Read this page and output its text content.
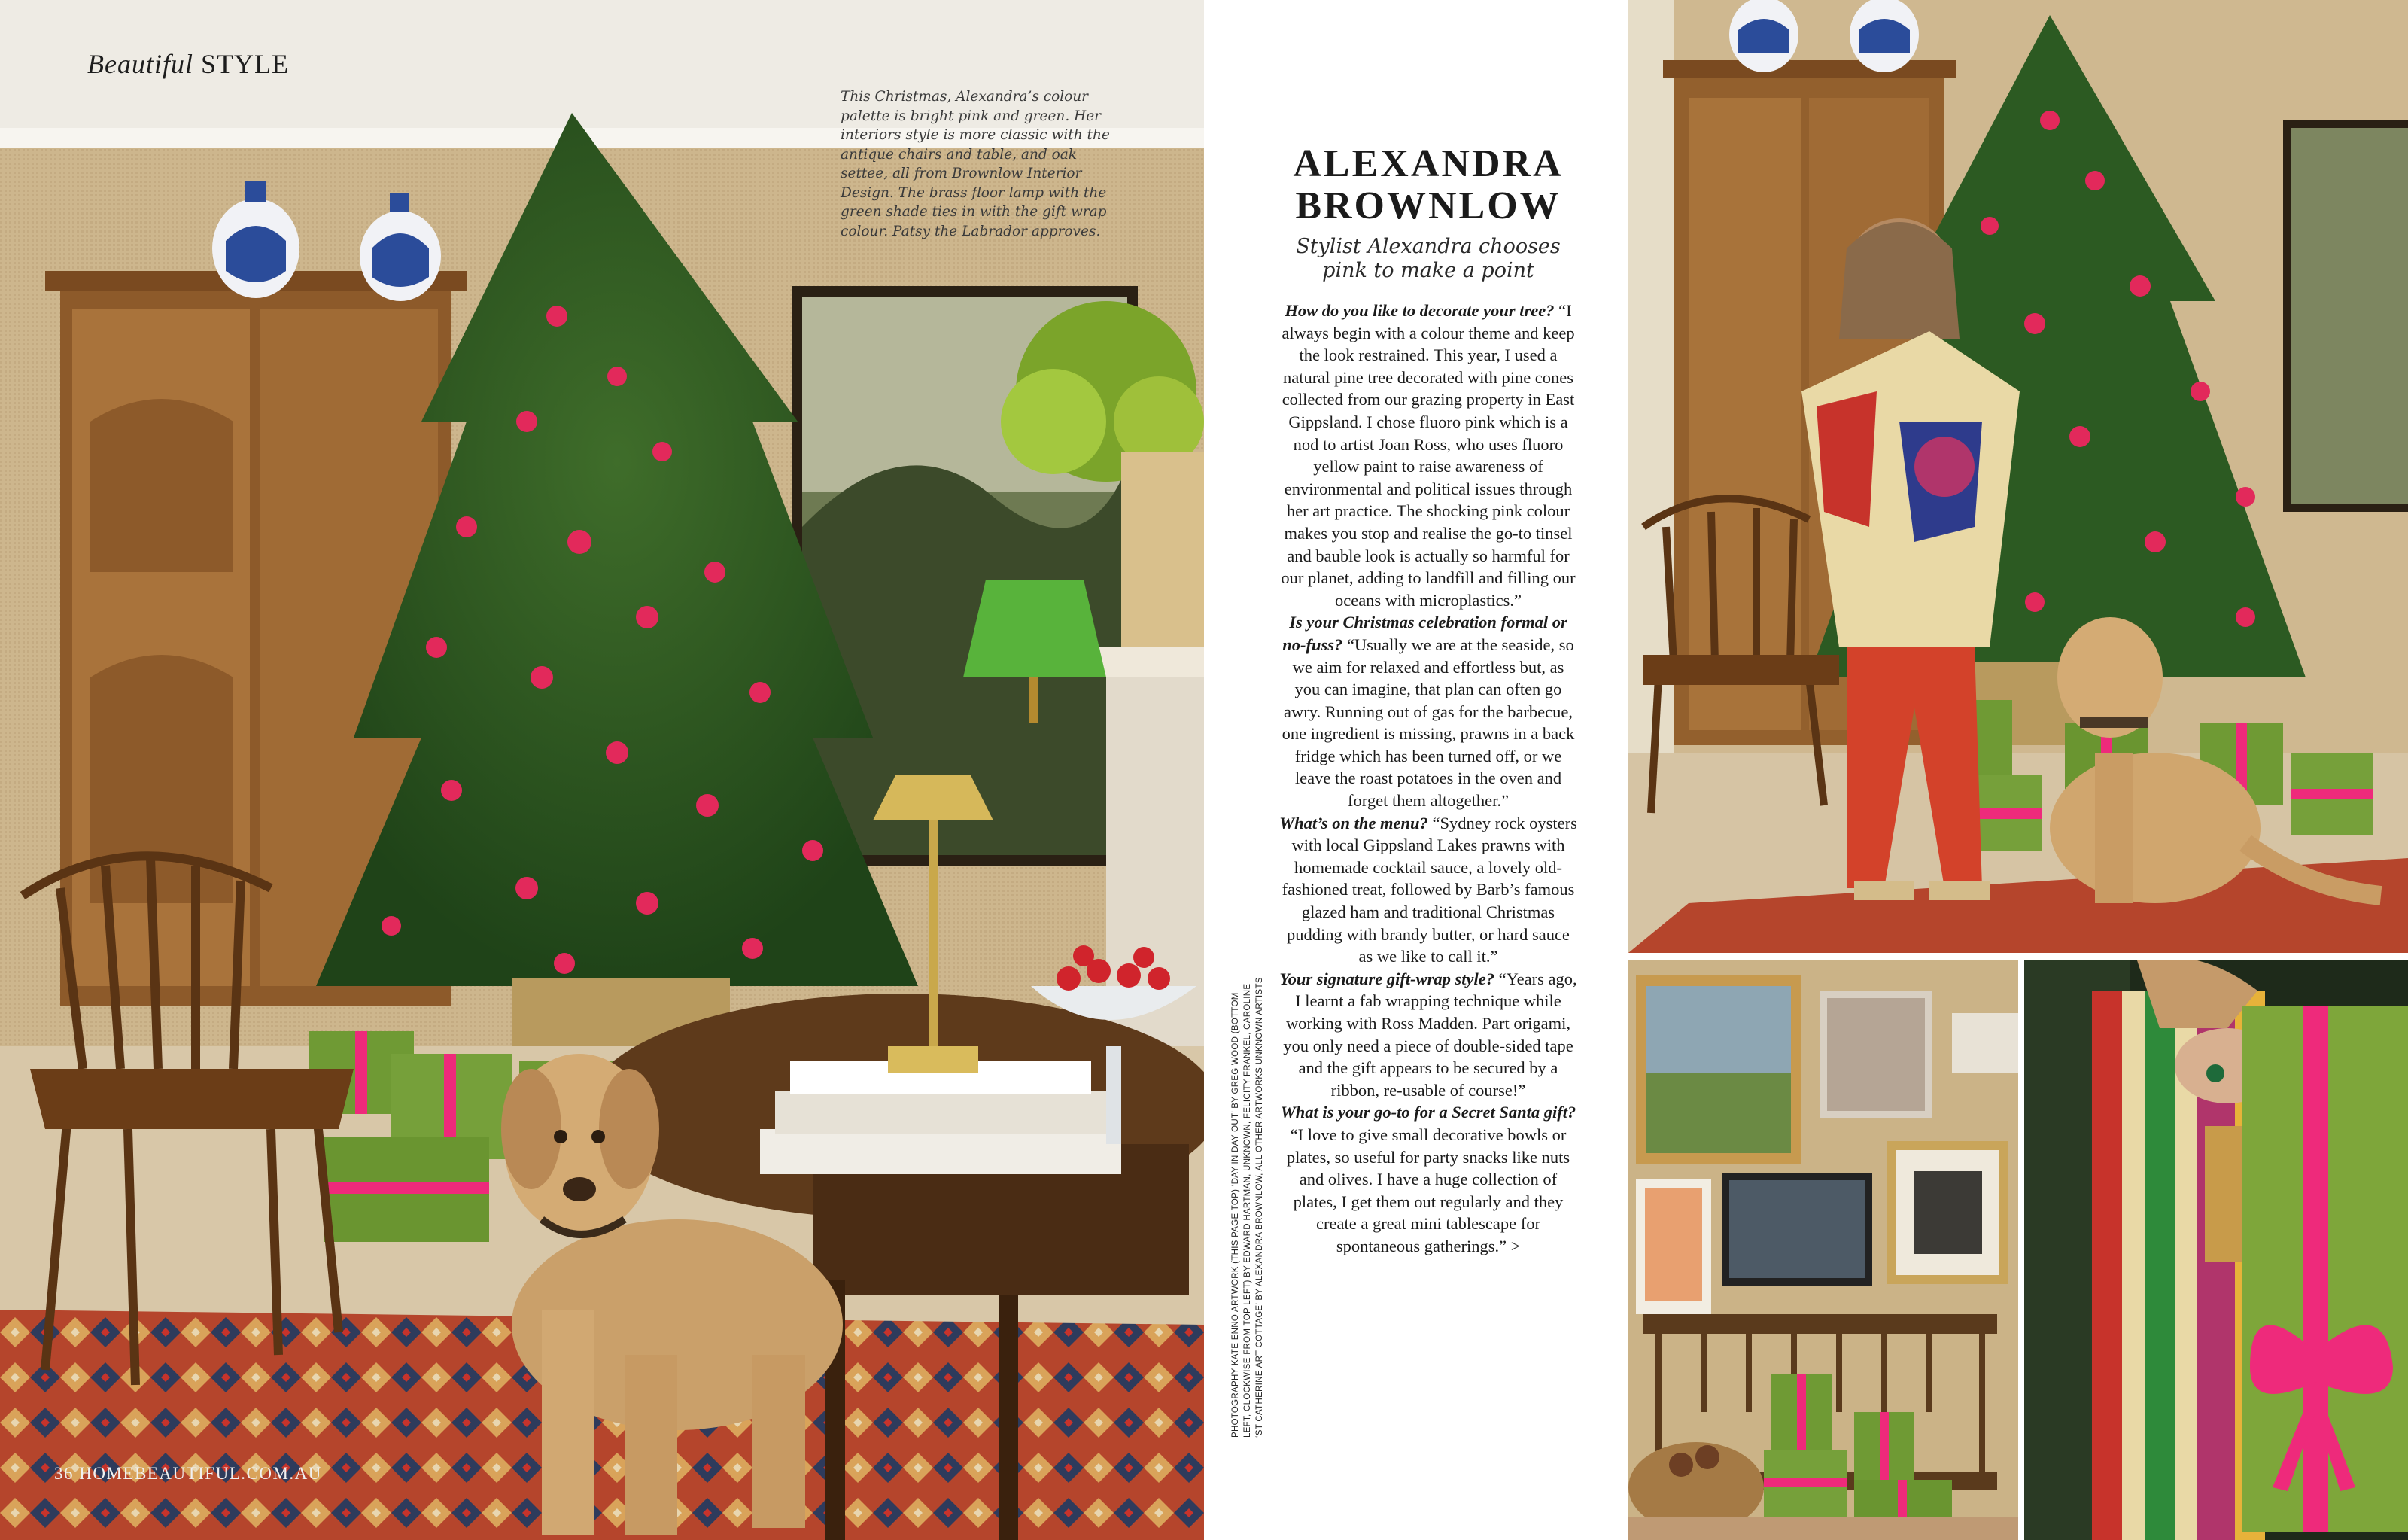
Beautiful STYLE
This Christmas, Alexandra’s colour palette is bright pink and green. Her interiors style is more classic with the antique chairs and table, and oak settee, all from Brownlow Interior Design. The brass floor lamp with the green shade ties in with the gift wrap colour. Patsy the Labrador approves.
36 HOMEBEAUTIFUL.COM.AU
PHOTOGRAPHY KATE ENNO ARTWORK (THIS PAGE TOP) ‘DAY IN DAY OUT’ BY GREG WOOD (BOTTOM LEFT, CLOCKWISE FROM TOP LEFT) BY EDWARD HARTMAN, UNKNOWN, FELICITY FRANKEL, CAROLINE ‘ST CATHERINE ART COTTAGE’ BY ALEXANDRA BROWNLOW, ALL OTHER ARTWORKS UNKNOWN ARTISTS
ALEXANDRA
BROWNLOW
Stylist Alexandra chooses
pink to make a point

How do you like to decorate your tree? “I always begin with a colour theme and keep the look restrained. This year, I used a natural pine tree decorated with pine cones collected from our grazing property in East Gippsland. I chose fluoro pink which is a nod to artist Joan Ross, who uses fluoro yellow paint to raise awareness of environmental and political issues through her art practice. The shocking pink colour makes you stop and realise the go-to tinsel and bauble look is actually so harmful for our planet, adding to landfill and filling our oceans with microplastics.”

Is your Christmas celebration formal or no-fuss? “Usually we are at the seaside, so we aim for relaxed and effortless but, as you can imagine, that plan can often go awry. Running out of gas for the barbecue, one ingredient is missing, prawns in a back fridge which has been turned off, or we leave the roast potatoes in the oven and forget them altogether.”

What’s on the menu? “Sydney rock oysters with local Gippsland Lakes prawns with homemade cocktail sauce, a lovely old-fashioned treat, followed by Barb’s famous glazed ham and traditional Christmas pudding with brandy butter, or hard sauce as we like to call it.”

Your signature gift-wrap style? “Years ago, I learnt a fab wrapping technique while working with Ross Madden. Part origami, you only need a piece of double-sided tape and the gift appears to be secured by a ribbon, re-usable of course!”

What is your go-to for a Secret Santa gift? “I love to give small decorative bowls or plates, so useful for party snacks like nuts and olives. I have a huge collection of plates, I get them out regularly and they create a great mini tablescape for spontaneous gatherings.” >
